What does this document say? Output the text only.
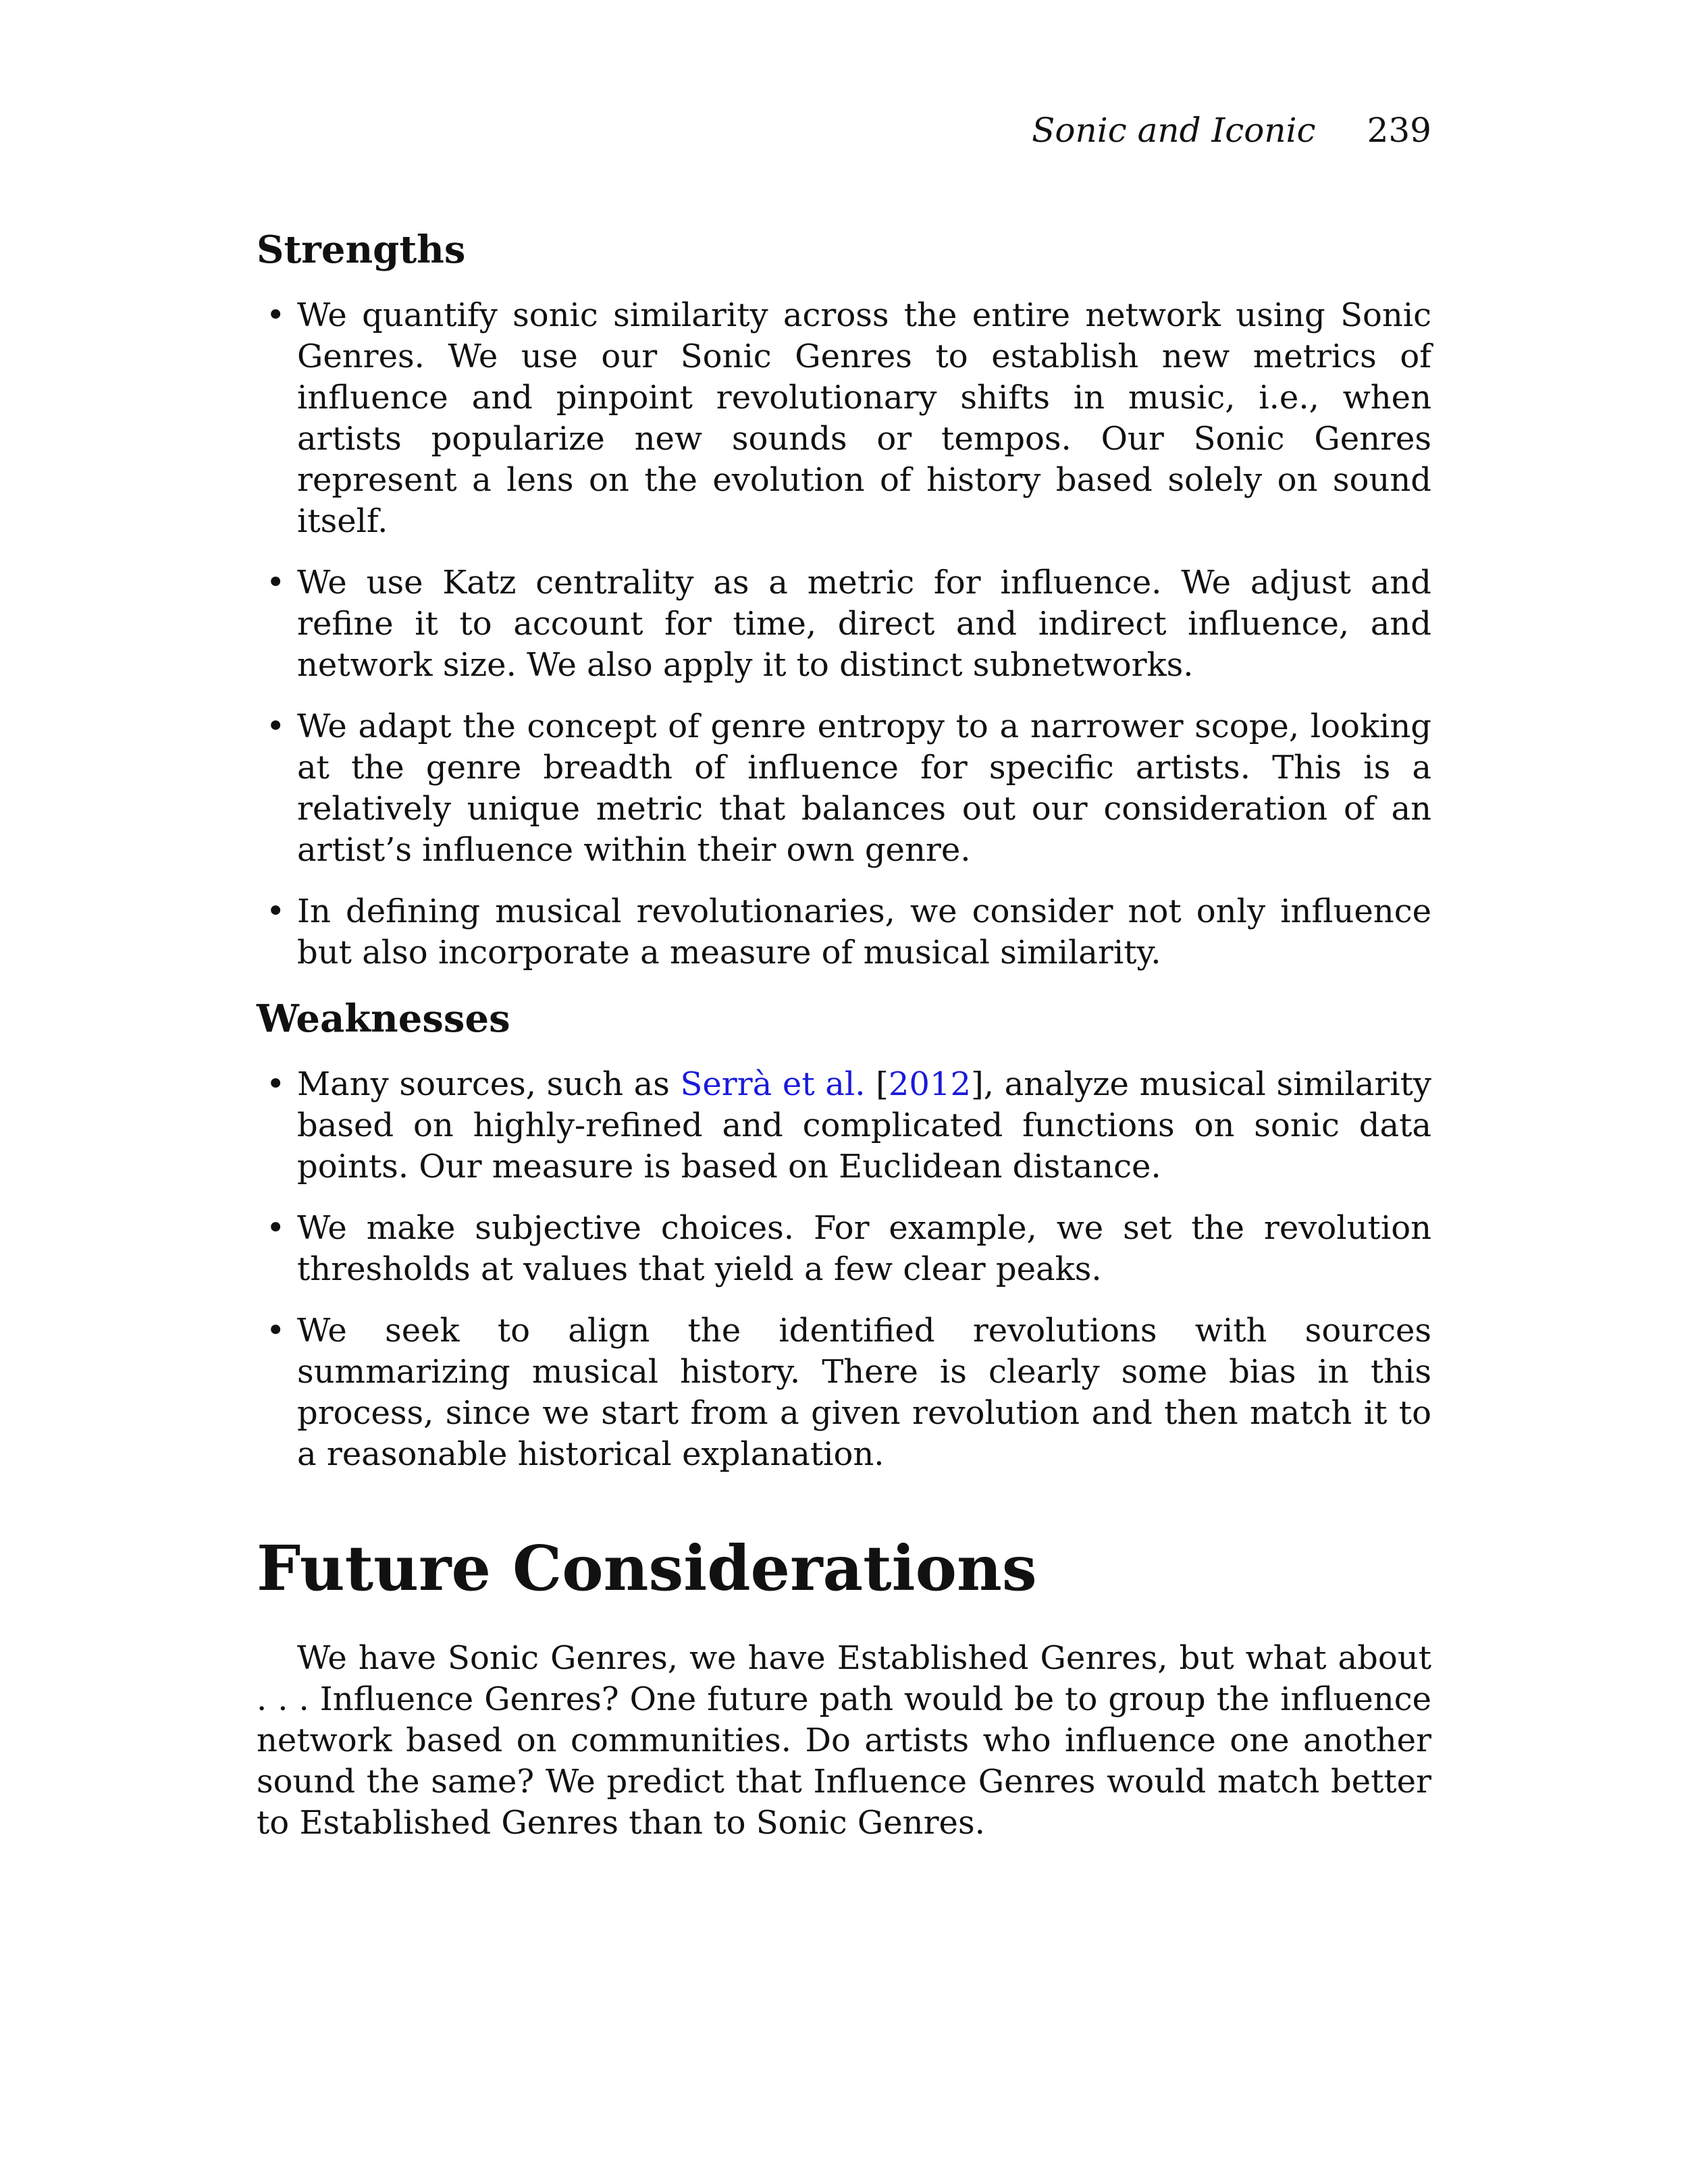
Sonic and Iconic 239
Strengths
• We quantify sonic similarity across the entire network using Sonic Genres. We use our Sonic Genres to establish new metrics of influence and pinpoint revolutionary shifts in music, i.e., when artists popularize new sounds or tempos. Our Sonic Genres represent a lens on the evolution of history based solely on sound itself.
• We use Katz centrality as a metric for influence. We adjust and refine it to account for time, direct and indirect influence, and network size. We also apply it to distinct subnetworks.
• We adapt the concept of genre entropy to a narrower scope, looking at the genre breadth of influence for specific artists. This is a relatively unique metric that balances out our consideration of an artist’s influence within their own genre.
• In defining musical revolutionaries, we consider not only influence but also incorporate a measure of musical similarity.
Weaknesses
• Many sources, such as Serrà et al. [2012], analyze musical similarity based on highly-refined and complicated functions on sonic data points. Our measure is based on Euclidean distance.
• We make subjective choices. For example, we set the revolution thresholds at values that yield a few clear peaks.
• We seek to align the identified revolutions with sources summarizing musical history. There is clearly some bias in this process, since we start from a given revolution and then match it to a reasonable historical explanation.
Future Considerations

We have Sonic Genres, we have Established Genres, but what about . . . Influence Genres? One future path would be to group the influence network based on communities. Do artists who influence one another sound the same? We predict that Influence Genres would match better to Established Genres than to Sonic Genres.
